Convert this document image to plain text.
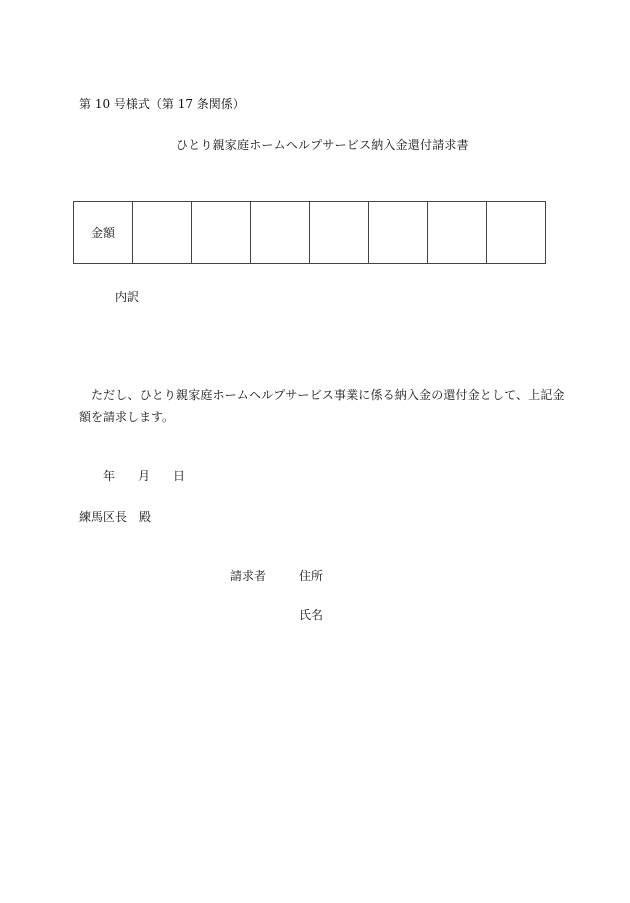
第 10 号様式（第 17 条関係）
ひとり親家庭ホームヘルプサービス納入金還付請求書
金額							
内訳
ただし、ひとり親家庭ホームヘルプサービス事業に係る納入金の還付金として、上記金
額を請求します。
年 月 日
練馬区長　殿
請求者	住所
氏名
